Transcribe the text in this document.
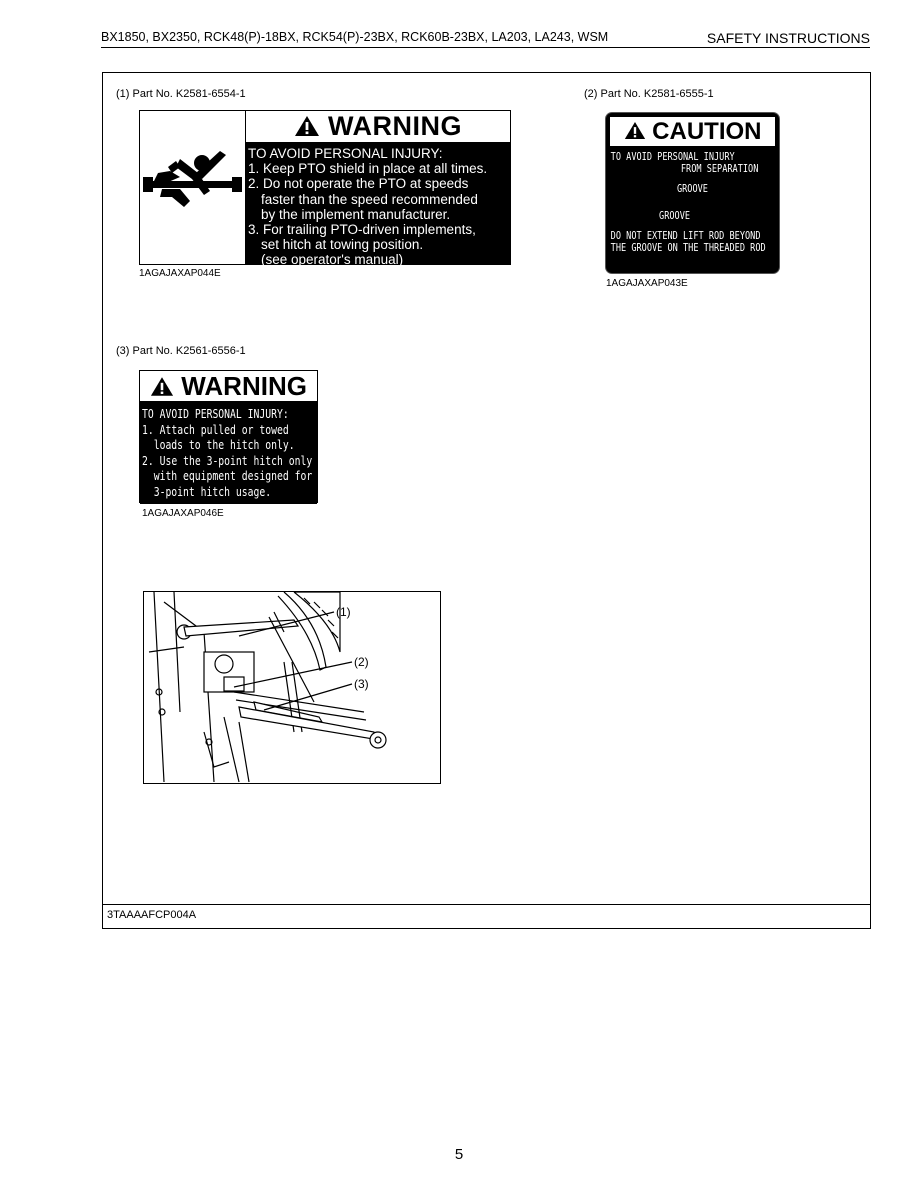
BX1850, BX2350, RCK48(P)-18BX, RCK54(P)-23BX, RCK60B-23BX, LA203, LA243, WSM	SAFETY INSTRUCTIONS
(1) Part No. K2581-6554-1
WARNING
TO AVOID PERSONAL INJURY:
1. Keep PTO shield in place at all times.
2. Do not operate the PTO at speeds
faster than the speed recommended
by the implement manufacturer.
3. For trailing PTO-driven implements,
set hitch at towing position.
(see operator's manual)
1AGAJAXAP044E
(2) Part No. K2581-6555-1
CAUTION
TO AVOID PERSONAL INJURY
FROM SEPARATION
GROOVE
GROOVE
DO NOT EXTEND LIFT ROD BEYOND
THE GROOVE ON THE THREADED ROD
1AGAJAXAP043E
(3) Part No. K2561-6556-1
WARNING
TO AVOID PERSONAL INJURY:
1. Attach pulled or towed
loads to the hitch only.
2. Use the 3-point hitch only
with equipment designed for
3-point hitch usage.
1AGAJAXAP046E
(1)
(2)
(3)
3TAAAAFCP004A
5
